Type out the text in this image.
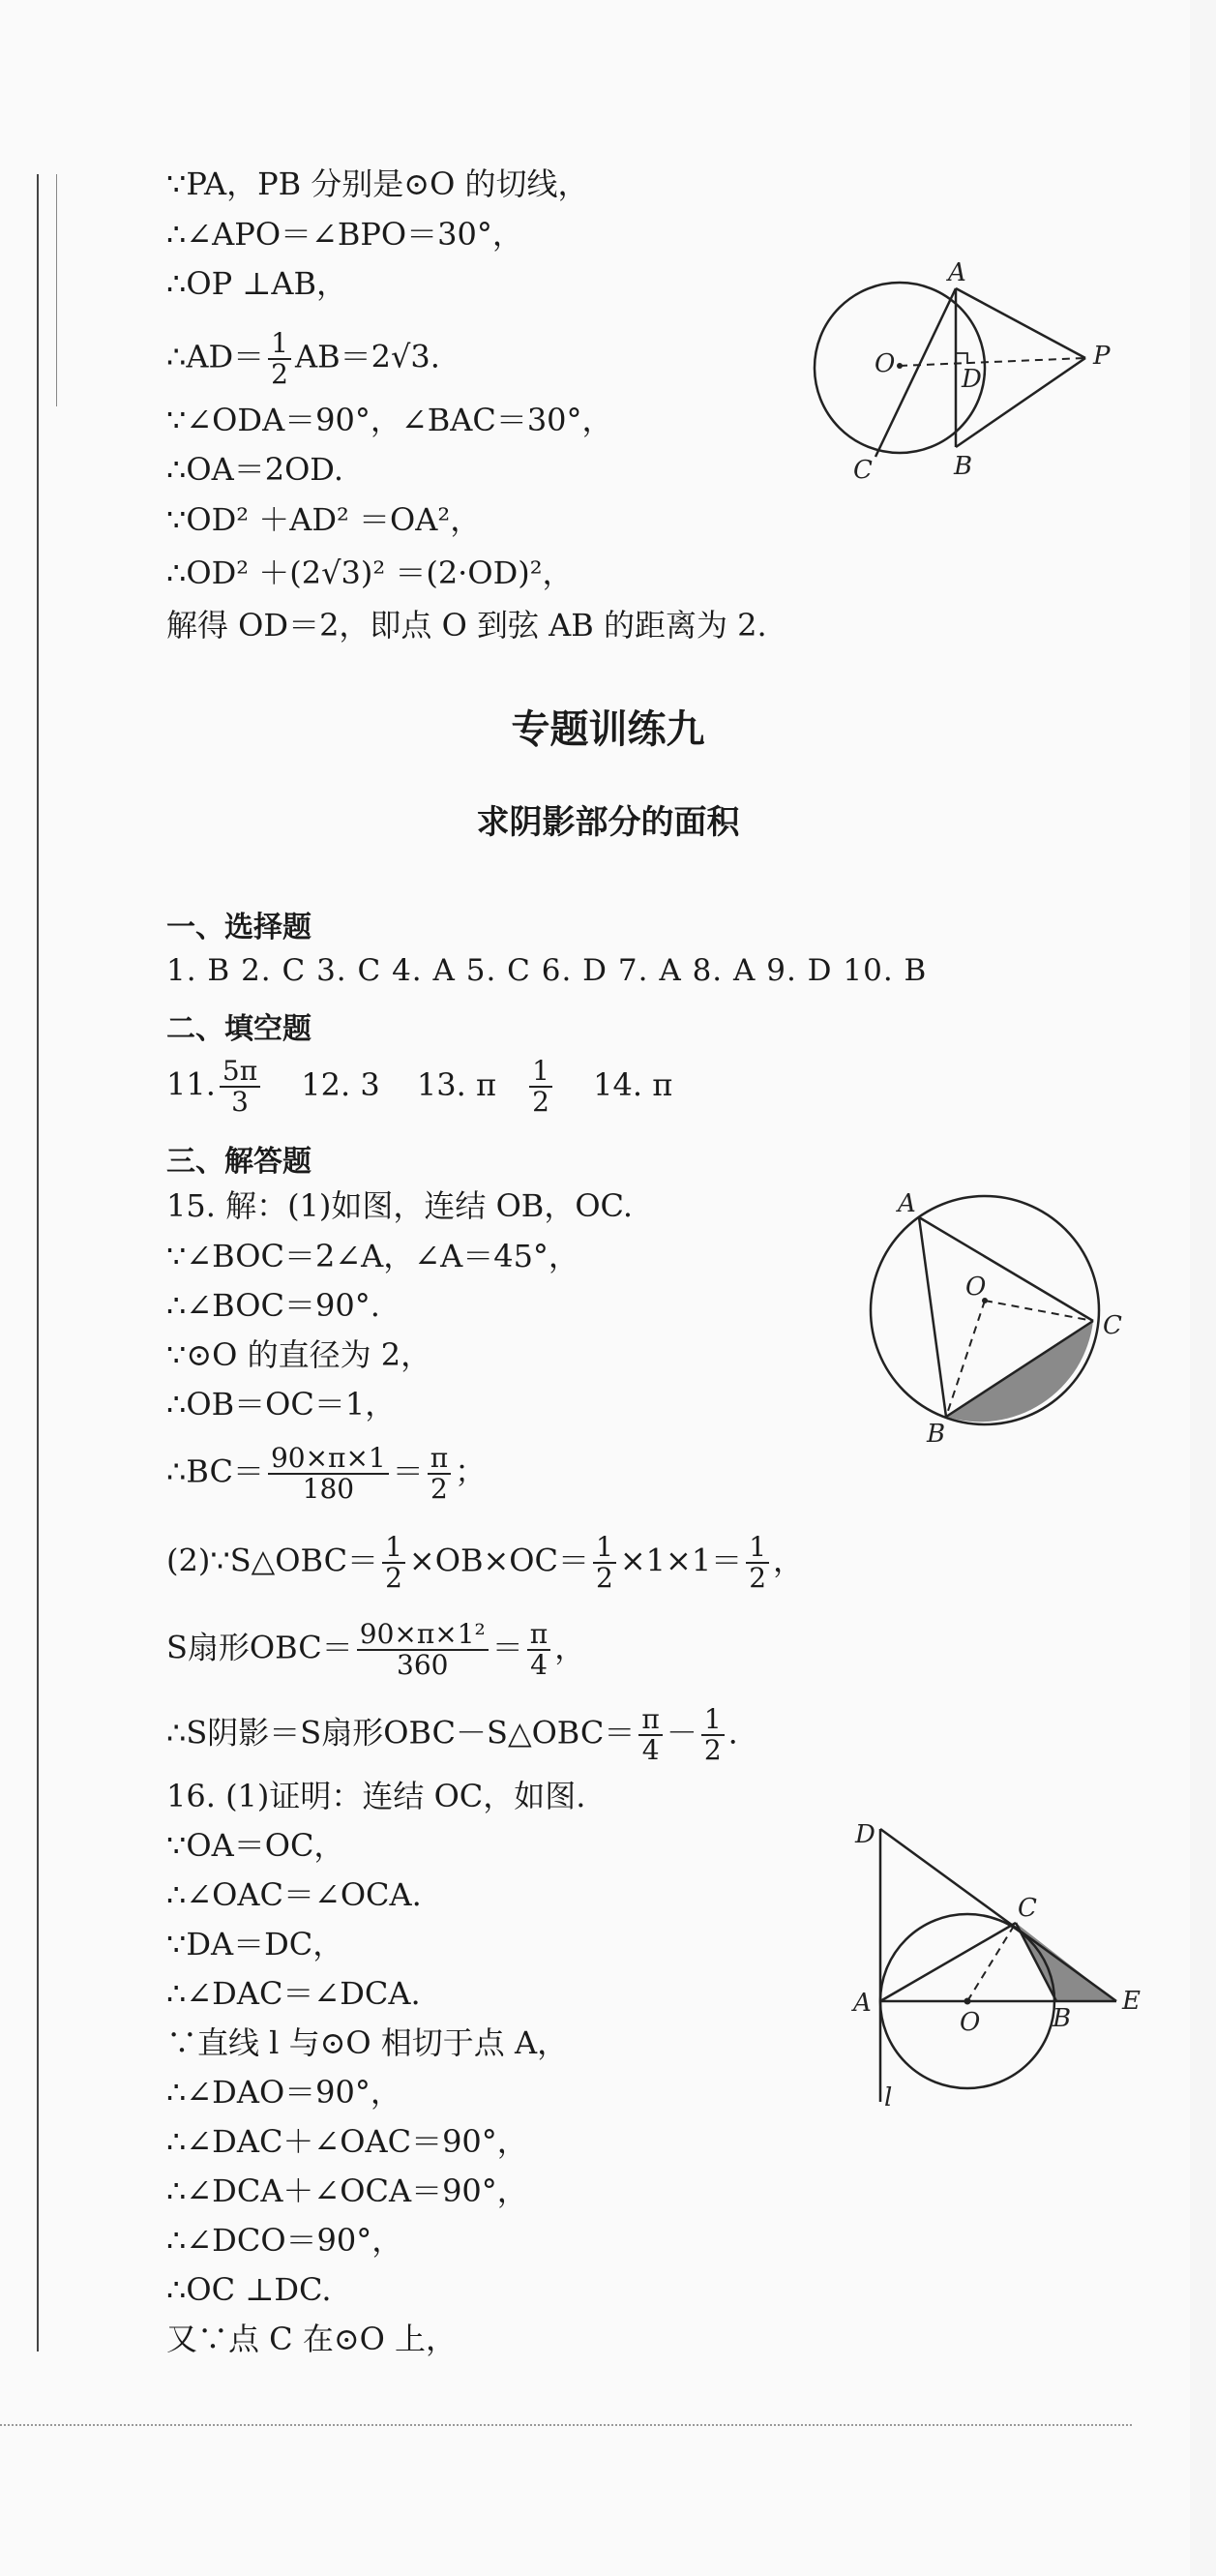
∵PA，PB 分别是⊙O 的切线，
∴∠APO＝∠BPO＝30°，
∴OP ⊥AB，
∴AD＝ $\frac{1}{2} AB=2√3$.
∵∠ODA＝90°，∠BAC＝30°，
∴OA＝2OD.
∵OD² ＋AD² ＝OA²，
∴OD² ＋(2√3)² ＝(2·OD)²，
解得 OD＝2，即点 O 到弦 AB 的距离为 2.
A
O
D
P
C	B
专题训练九
求阴影部分的面积
一、选择题
1. B 2. C 3. C 4. A 5. C 6. D 7. A 8. A 9. D 10. B
二、填空题
11. $\frac{5\pi}{3} 12$. 3 13. π $\frac{1}{2} 14$. π
三、解答题
15. 解：(1)如图，连结 OB，OC.
∵∠BOC＝2∠A，∠A＝45°，
∴∠BOC＝90°.
∵⊙O 的直径为 2，
∴OB＝OC＝1，
∴BC＝ $\frac{90\times\pi\times 1}{180} = \frac{\pi}{2}$ ；
(2)∵S△OBC＝ $\frac{1}{2} \times OB\times OC= \frac{1}{2} \times 1\times 1= \frac{1}{2}$ ，
S扇形$OBC= \frac{\text{90×π×1²}}{360} = \frac{\pi}{4}$ ，
∴S阴影＝S扇形OBC－S△OBC＝ $\frac{\pi}{4} - \frac{1}{2}$ .
A
O
C
B
16. (1)证明：连结 OC，如图.
∵OA＝OC，
∴∠OAC＝∠OCA.
∵DA＝DC，
∴∠DAC＝∠DCA.
∵直线 l 与⊙O 相切于点 A，
∴∠DAO＝90°，
∴∠DAC＋∠OAC＝90°，
∴∠DCA＋∠OCA＝90°，
∴∠DCO＝90°，
∴OC ⊥DC.
又∵点 C 在⊙O 上，
D
C
A
O	B
E
l
